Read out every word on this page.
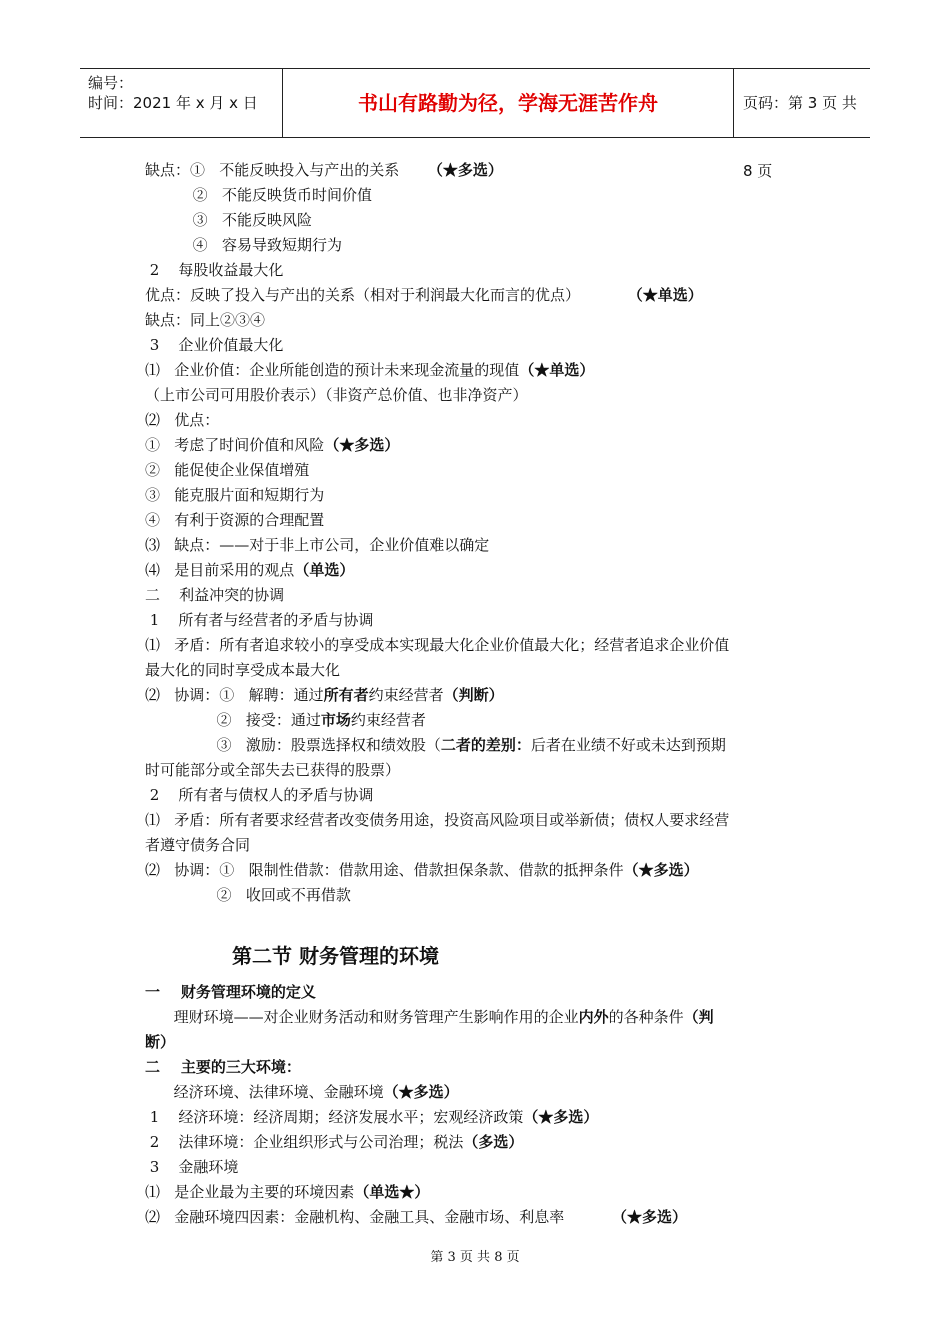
编号：
时间：2021 年 x 月 x 日	书山有路勤为径，学海无涯苦作舟	页码：第 3 页 共 8 页
缺点：①   不能反映投入与产出的关系      （★多选）
②   不能反映货币时间价值
③   不能反映风险
④   容易导致短期行为
2    每股收益最大化
优点：反映了投入与产出的关系（相对于利润最大化而言的优点）          （★单选）
缺点：同上②③④
3    企业价值最大化
⑴   企业价值：企业所能创造的预计未来现金流量的现值（★单选）
（上市公司可用股价表示）（非资产总价值、也非净资产）
⑵   优点：
①   考虑了时间价值和风险（★多选）
②   能促使企业保值增殖
③   能克服片面和短期行为
④   有利于资源的合理配置
⑶   缺点：——对于非上市公司，企业价值难以确定
⑷   是目前采用的观点（单选）
二    利益冲突的协调
1    所有者与经营者的矛盾与协调
⑴   矛盾：所有者追求较小的享受成本实现最大化企业价值最大化；经营者追求企业价值
最大化的同时享受成本最大化
⑵   协调：①   解聘：通过所有者约束经营者（判断）
②   接受：通过市场约束经营者
③   激励：股票选择权和绩效股（二者的差别：后者在业绩不好或未达到预期
时可能部分或全部失去已获得的股票）
2    所有者与债权人的矛盾与协调
⑴   矛盾：所有者要求经营者改变债务用途，投资高风险项目或举新债；债权人要求经营
者遵守债务合同
⑵   协调：①   限制性借款：借款用途、借款担保条款、借款的抵押条件（★多选）
②   收回或不再借款
第二节 财务管理的环境
一    财务管理环境的定义
理财环境——对企业财务活动和财务管理产生影响作用的企业内外的各种条件（判
断）
二    主要的三大环境：
经济环境、法律环境、金融环境（★多选）
1    经济环境：经济周期；经济发展水平；宏观经济政策（★多选）
2    法律环境：企业组织形式与公司治理；税法（多选）
3    金融环境
⑴   是企业最为主要的环境因素（单选★）
⑵   金融环境四因素：金融机构、金融工具、金融市场、利息率          （★多选）
第 3 页 共 8 页
